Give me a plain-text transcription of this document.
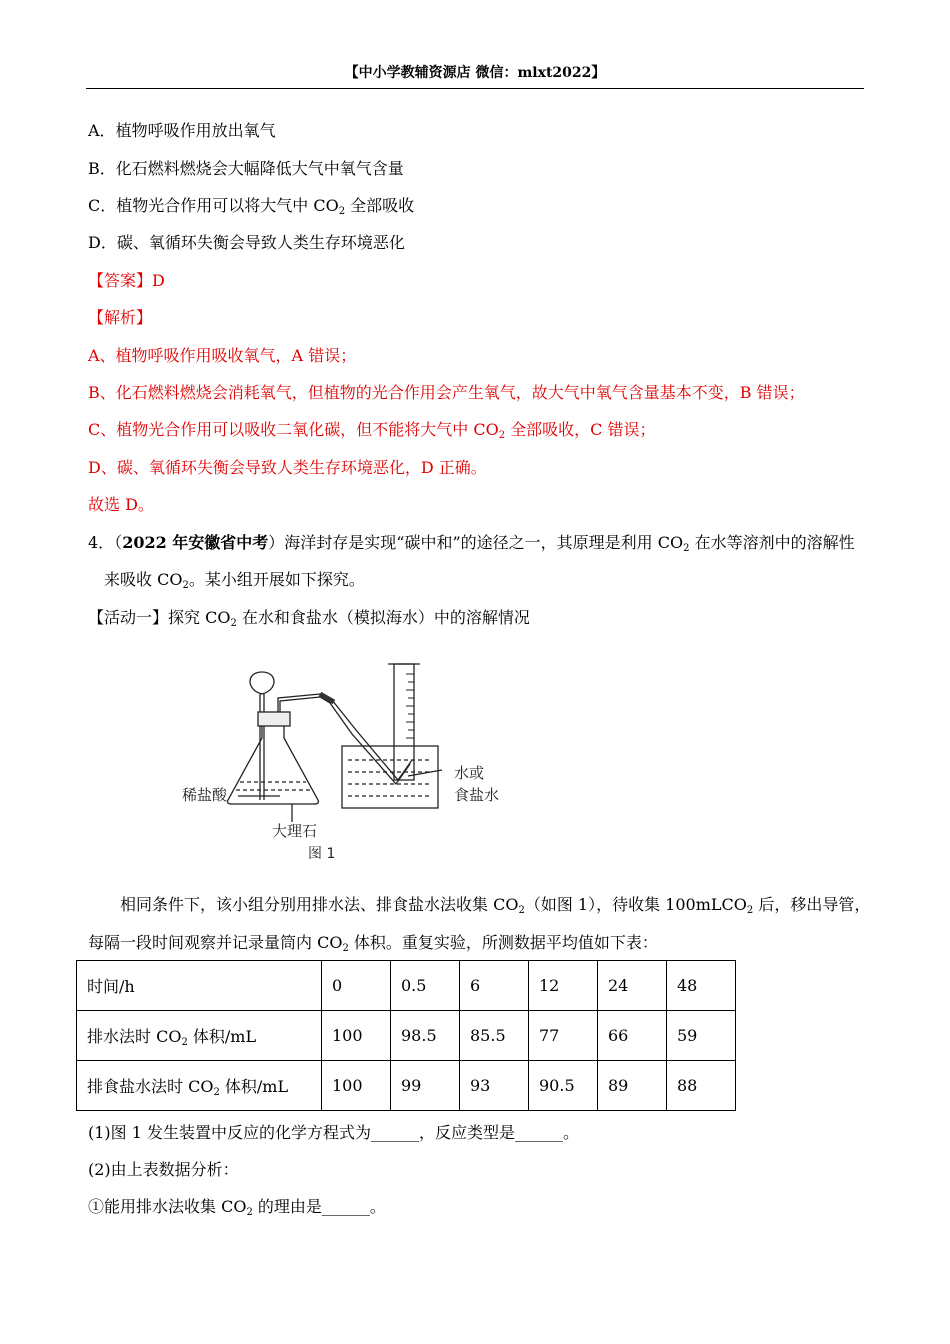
【中小学教辅资源店 微信：mlxt2022】
A．植物呼吸作用放出氧气
B．化石燃料燃烧会大幅降低大气中氧气含量
C．植物光合作用可以将大气中 $CO_2$ 全部吸收
D．碳、氧循环失衡会导致人类生存环境恶化
【答案】D
【解析】
A、植物呼吸作用吸收氧气，A 错误；
B、化石燃料燃烧会消耗氧气，但植物的光合作用会产生氧气，故大气中氧气含量基本不变，B 错误；
C、植物光合作用可以吸收二氧化碳，但不能将大气中 $CO_2$ 全部吸收，C 错误；
D、碳、氧循环失衡会导致人类生存环境恶化，D 正确。
故选 D。
4．（2022 年安徽省中考）海洋封存是实现“碳中和”的途径之一，其原理是利用 $CO_2$ 在水等溶剂中的溶解性
来吸收 $CO_2$。某小组开展如下探究。
【活动一】探究 $CO_2$ 在水和食盐水（模拟海水）中的溶解情况
稀盐酸
大理石
水或
食盐水
图 1
相同条件下，该小组分别用排水法、排食盐水法收集 $CO_2$（如图 1），待收集 100mLCO$_2$ 后，移出导管，
每隔一段时间观察并记录量筒内 $CO_2$ 体积。重复实验，所测数据平均值如下表：
时间/h	0	0.5	6	12	24	48
排水法时 $CO_2$ 体积/mL	100	98.5	85.5	77	66	59
排食盐水法时 $CO_2$ 体积/mL	100	99	93	90.5	89	88
(1)图 1 发生装置中反应的化学方程式为______，反应类型是______。
(2)由上表数据分析：
①能用排水法收集 $CO_2$ 的理由是______。
